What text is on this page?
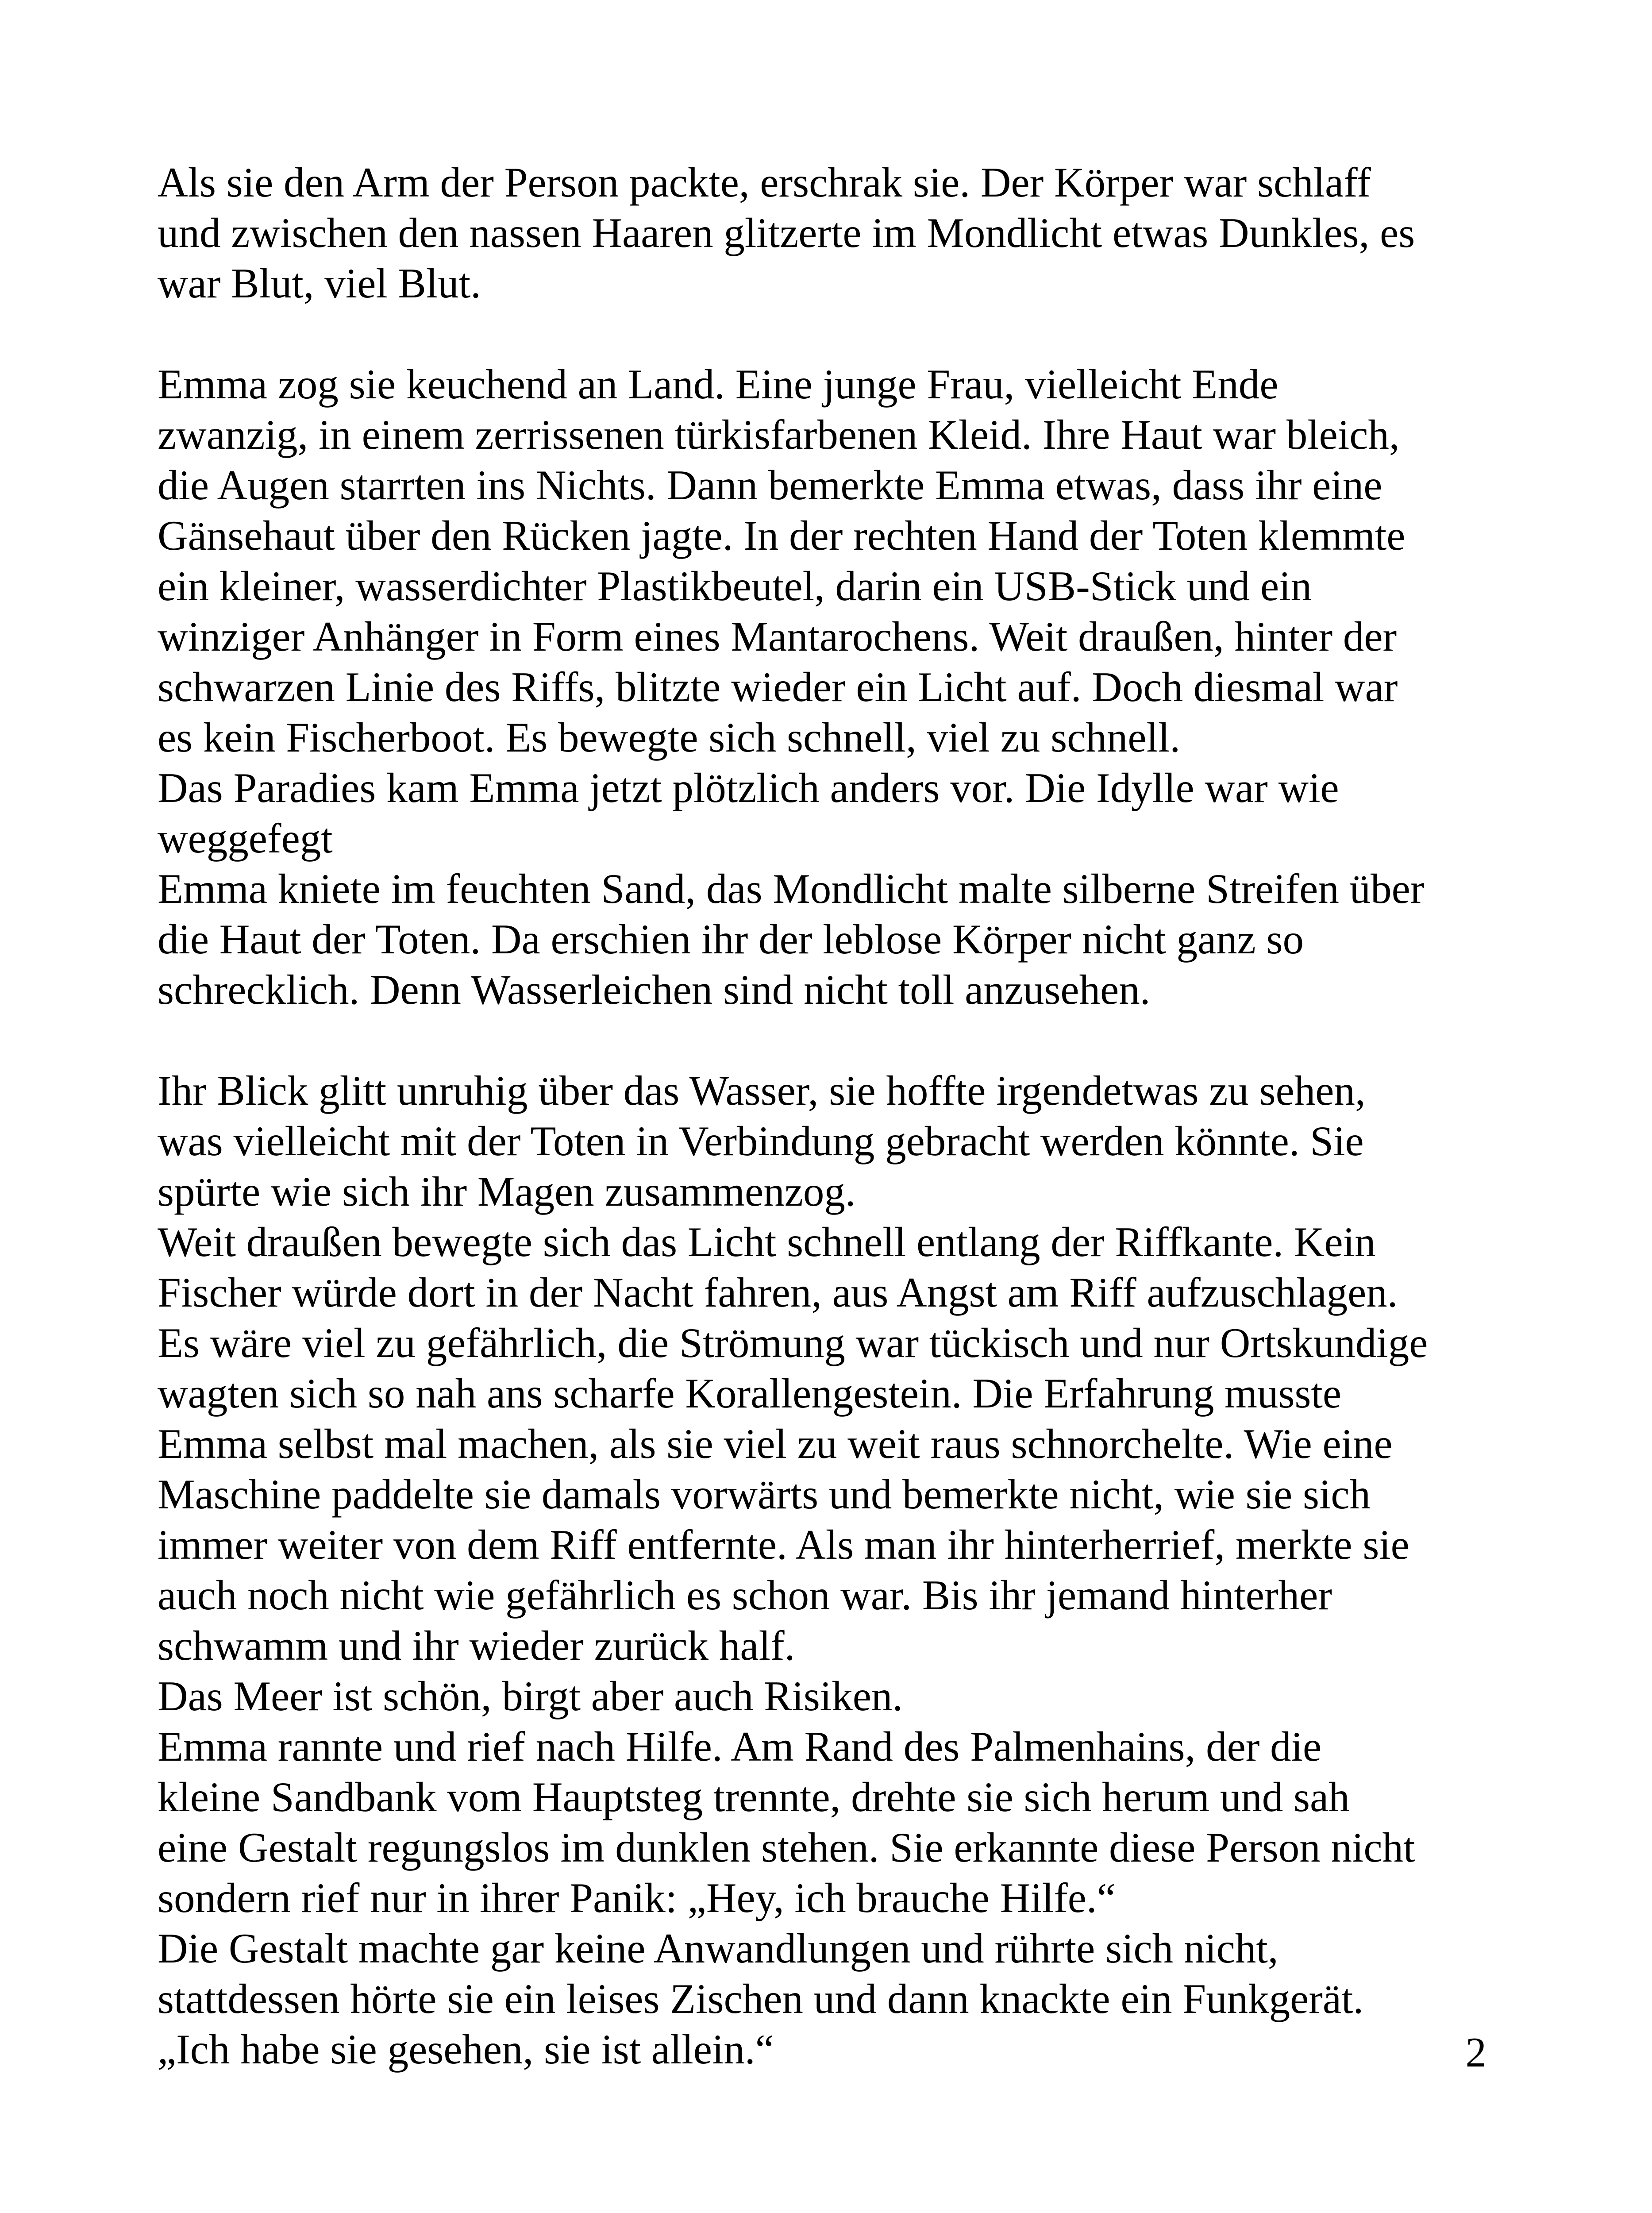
Als sie den Arm der Person packte, erschrak sie. Der Körper war schlaff
und zwischen den nassen Haaren glitzerte im Mondlicht etwas Dunkles, es
war Blut, viel Blut.
Emma zog sie keuchend an Land. Eine junge Frau, vielleicht Ende
zwanzig, in einem zerrissenen türkisfarbenen Kleid. Ihre Haut war bleich,
die Augen starrten ins Nichts. Dann bemerkte Emma etwas, dass ihr eine
Gänsehaut über den Rücken jagte. In der rechten Hand der Toten klemmte
ein kleiner, wasserdichter Plastikbeutel, darin ein USB-Stick und ein
winziger Anhänger in Form eines Mantarochens. Weit draußen, hinter der
schwarzen Linie des Riffs, blitzte wieder ein Licht auf. Doch diesmal war
es kein Fischerboot. Es bewegte sich schnell, viel zu schnell.
Das Paradies kam Emma jetzt plötzlich anders vor. Die Idylle war wie
weggefegt
Emma kniete im feuchten Sand, das Mondlicht malte silberne Streifen über
die Haut der Toten. Da erschien ihr der leblose Körper nicht ganz so
schrecklich. Denn Wasserleichen sind nicht toll anzusehen.
Ihr Blick glitt unruhig über das Wasser, sie hoffte irgendetwas zu sehen,
was vielleicht mit der Toten in Verbindung gebracht werden könnte. Sie
spürte wie sich ihr Magen zusammenzog.
Weit draußen bewegte sich das Licht schnell entlang der Riffkante. Kein
Fischer würde dort in der Nacht fahren, aus Angst am Riff aufzuschlagen.
Es wäre viel zu gefährlich, die Strömung war tückisch und nur Ortskundige
wagten sich so nah ans scharfe Korallengestein. Die Erfahrung musste
Emma selbst mal machen, als sie viel zu weit raus schnorchelte. Wie eine
Maschine paddelte sie damals vorwärts und bemerkte nicht, wie sie sich
immer weiter von dem Riff entfernte. Als man ihr hinterherrief, merkte sie
auch noch nicht wie gefährlich es schon war. Bis ihr jemand hinterher
schwamm und ihr wieder zurück half.
Das Meer ist schön, birgt aber auch Risiken.
Emma rannte und rief nach Hilfe. Am Rand des Palmenhains, der die
kleine Sandbank vom Hauptsteg trennte, drehte sie sich herum und sah
eine Gestalt regungslos im dunklen stehen. Sie erkannte diese Person nicht
sondern rief nur in ihrer Panik: „Hey, ich brauche Hilfe.“
Die Gestalt machte gar keine Anwandlungen und rührte sich nicht,
stattdessen hörte sie ein leises Zischen und dann knackte ein Funkgerät.
„Ich habe sie gesehen, sie ist allein.“	2
